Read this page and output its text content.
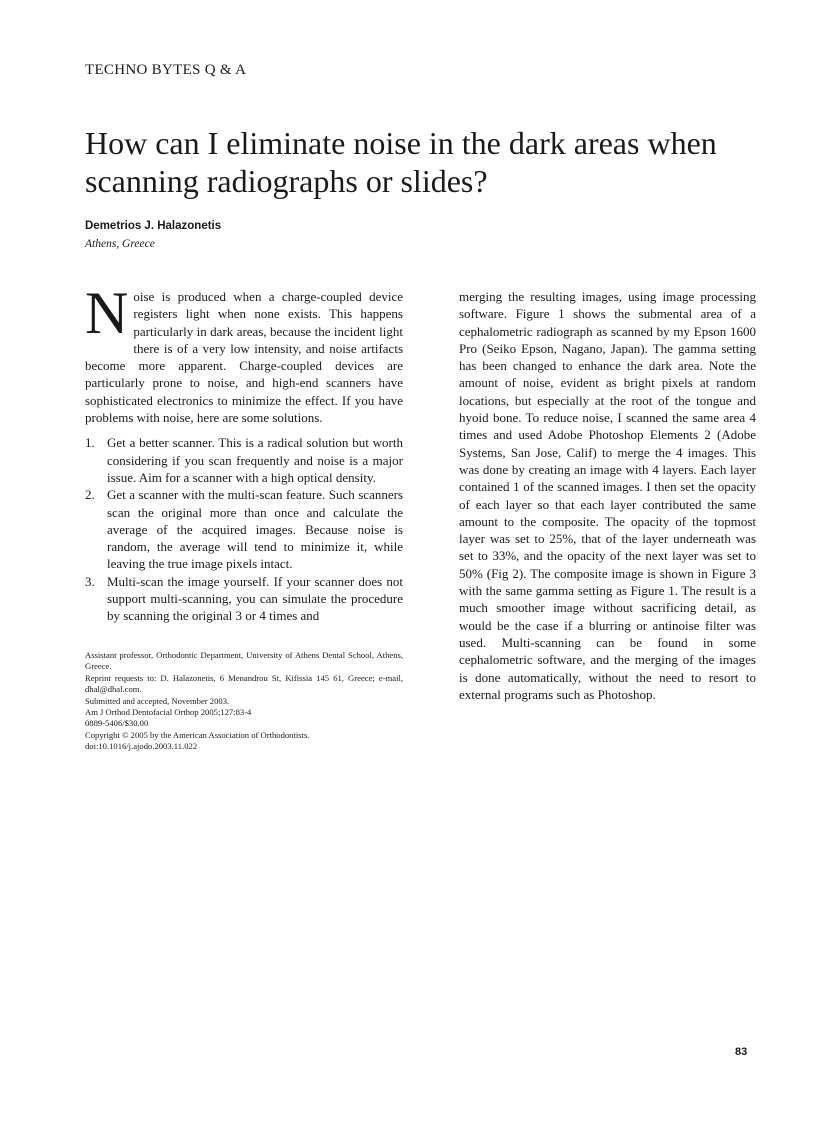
TECHNO BYTES Q & A
How can I eliminate noise in the dark areas when scanning radiographs or slides?
Demetrios J. Halazonetis
Athens, Greece

Noise is produced when a charge-coupled device registers light when none exists. This happens particularly in dark areas, because the incident light there is of a very low intensity, and noise artifacts become more apparent. Charge-coupled devices are particularly prone to noise, and high-end scanners have sophisticated electronics to minimize the effect. If you have problems with noise, here are some solutions.

1. Get a better scanner. This is a radical solution but worth considering if you scan frequently and noise is a major issue. Aim for a scanner with a high optical density.
2. Get a scanner with the multi-scan feature. Such scanners scan the original more than once and calculate the average of the acquired images. Because noise is random, the average will tend to minimize it, while leaving the true image pixels intact.
3. Multi-scan the image yourself. If your scanner does not support multi-scanning, you can simulate the procedure by scanning the original 3 or 4 times and
Assistant professor, Orthodontic Department, University of Athens Dental School, Athens, Greece.
Reprint requests to: D. Halazonetis, 6 Menandrou St, Kifissia 145 61, Greece; e-mail, dhal@dhal.com.
Submitted and accepted, November 2003.
Am J Orthod Dentofacial Orthop 2005;127:83-4
0889-5406/$30.00
Copyright © 2005 by the American Association of Orthodontists.
doi:10.1016/j.ajodo.2003.11.022

merging the resulting images, using image processing software. Figure 1 shows the submental area of a cephalometric radiograph as scanned by my Epson 1600 Pro (Seiko Epson, Nagano, Japan). The gamma setting has been changed to enhance the dark area. Note the amount of noise, evident as bright pixels at random locations, but especially at the root of the tongue and hyoid bone. To reduce noise, I scanned the same area 4 times and used Adobe Photoshop Elements 2 (Adobe Systems, San Jose, Calif) to merge the 4 images. This was done by creating an image with 4 layers. Each layer contained 1 of the scanned images. I then set the opacity of each layer so that each layer contributed the same amount to the composite. The opacity of the topmost layer was set to 25%, that of the layer underneath was set to 33%, and the opacity of the next layer was set to 50% (Fig 2). The composite image is shown in Figure 3 with the same gamma setting as Figure 1. The result is a much smoother image without sacrificing detail, as would be the case if a blurring or antinoise filter was used. Multi-scanning can be found in some cephalometric software, and the merging of the images is done automatically, without the need to resort to external programs such as Photoshop.

83
